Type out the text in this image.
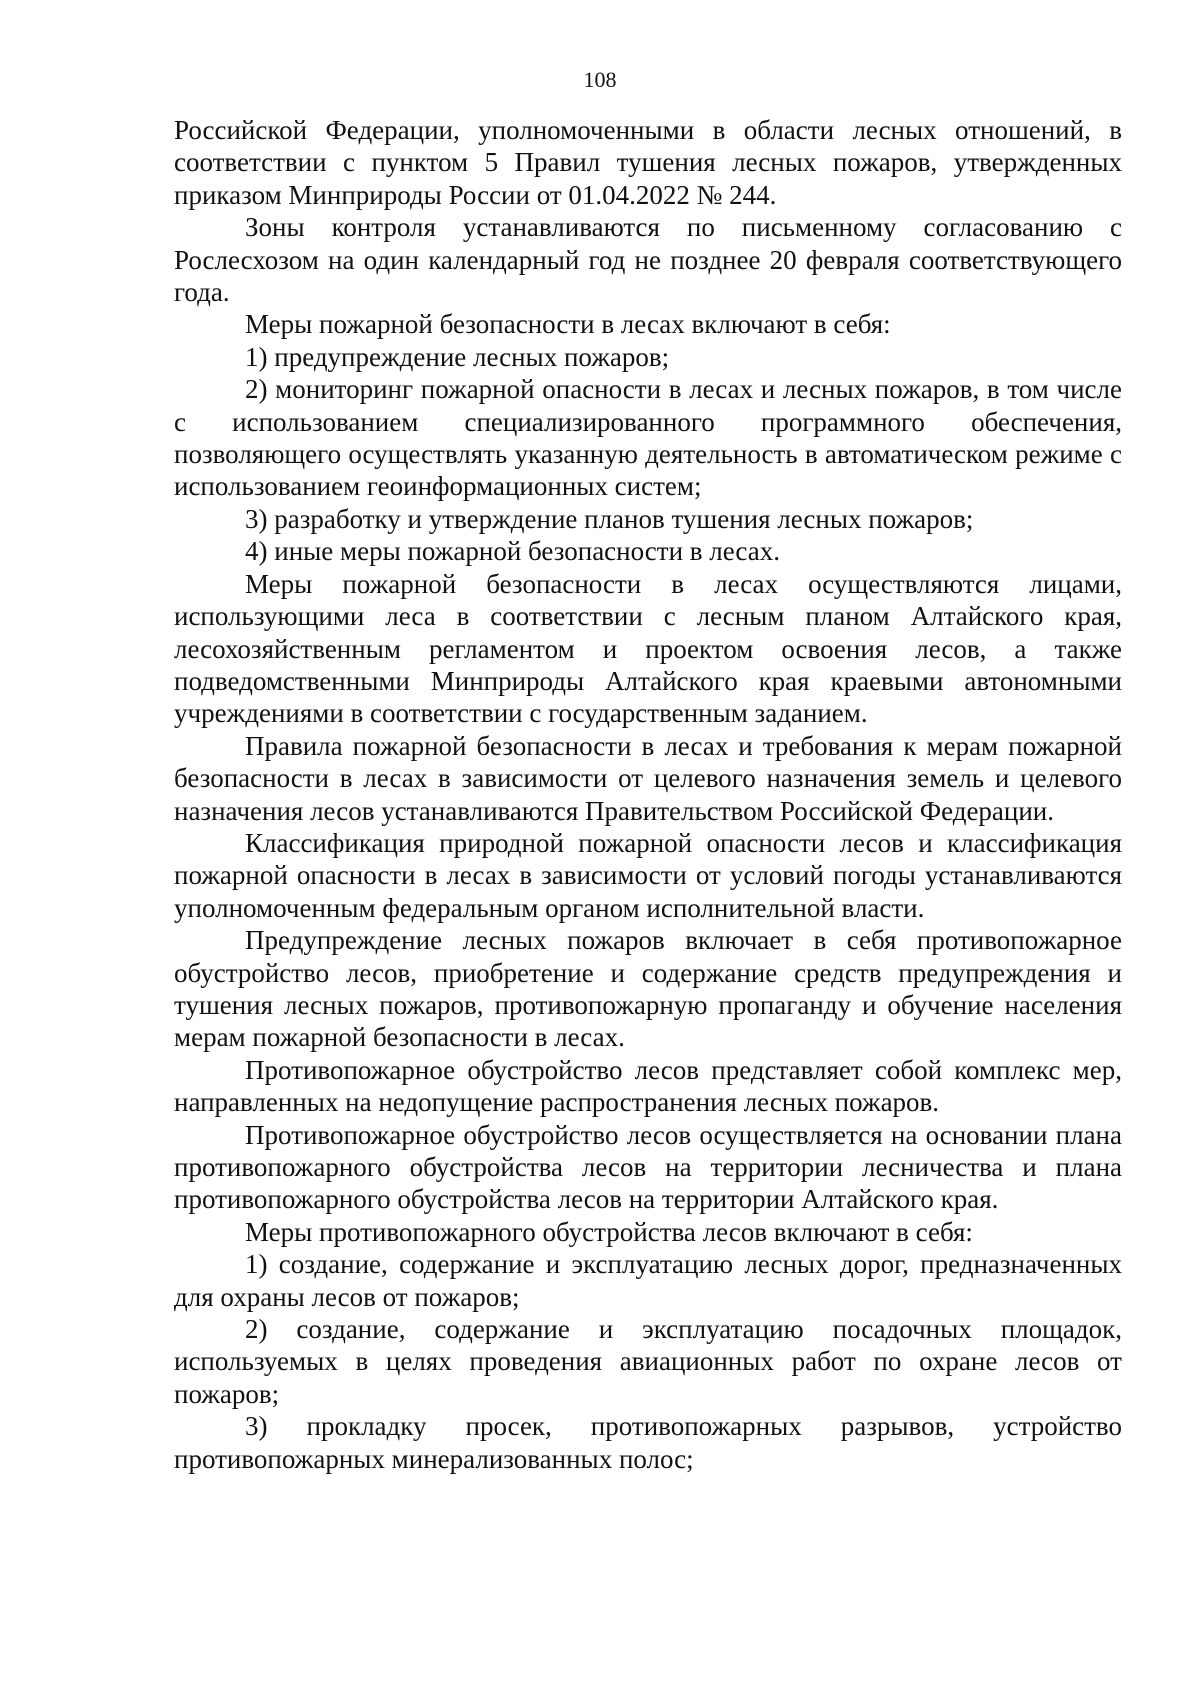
108

Российской Федерации, уполномоченными в области лесных отношений, в соответствии с пунктом 5 Правил тушения лесных пожаров, утвержденных приказом Минприроды России от 01.04.2022 № 244.

Зоны контроля устанавливаются по письменному согласованию с Рослесхозом на один календарный год не позднее 20 февраля соответствующего года.

Меры пожарной безопасности в лесах включают в себя:

1) предупреждение лесных пожаров;

2) мониторинг пожарной опасности в лесах и лесных пожаров, в том числе с использованием специализированного программного обеспечения, позволяющего осуществлять указанную деятельность в автоматическом режиме с использованием геоинформационных систем;

3) разработку и утверждение планов тушения лесных пожаров;

4) иные меры пожарной безопасности в лесах.

Меры пожарной безопасности в лесах осуществляются лицами, использующими леса в соответствии с лесным планом Алтайского края, лесохозяйственным регламентом и проектом освоения лесов, а также подведомственными Минприроды Алтайского края краевыми автономными учреждениями в соответствии с государственным заданием.

Правила пожарной безопасности в лесах и требования к мерам пожарной безопасности в лесах в зависимости от целевого назначения земель и целевого назначения лесов устанавливаются Правительством Российской Федерации.

Классификация природной пожарной опасности лесов и классификация пожарной опасности в лесах в зависимости от условий погоды устанавливаются уполномоченным федеральным органом исполнительной власти.

Предупреждение лесных пожаров включает в себя противопожарное обустройство лесов, приобретение и содержание средств предупреждения и тушения лесных пожаров, противопожарную пропаганду и обучение населения мерам пожарной безопасности в лесах.

Противопожарное обустройство лесов представляет собой комплекс мер, направленных на недопущение распространения лесных пожаров.

Противопожарное обустройство лесов осуществляется на основании плана противопожарного обустройства лесов на территории лесничества и плана противопожарного обустройства лесов на территории Алтайского края.

Меры противопожарного обустройства лесов включают в себя:

1) создание, содержание и эксплуатацию лесных дорог, предназначенных для охраны лесов от пожаров;

2) создание, содержание и эксплуатацию посадочных площадок, используемых в целях проведения авиационных работ по охране лесов от пожаров;

3) прокладку просек, противопожарных разрывов, устройство противопожарных минерализованных полос;
